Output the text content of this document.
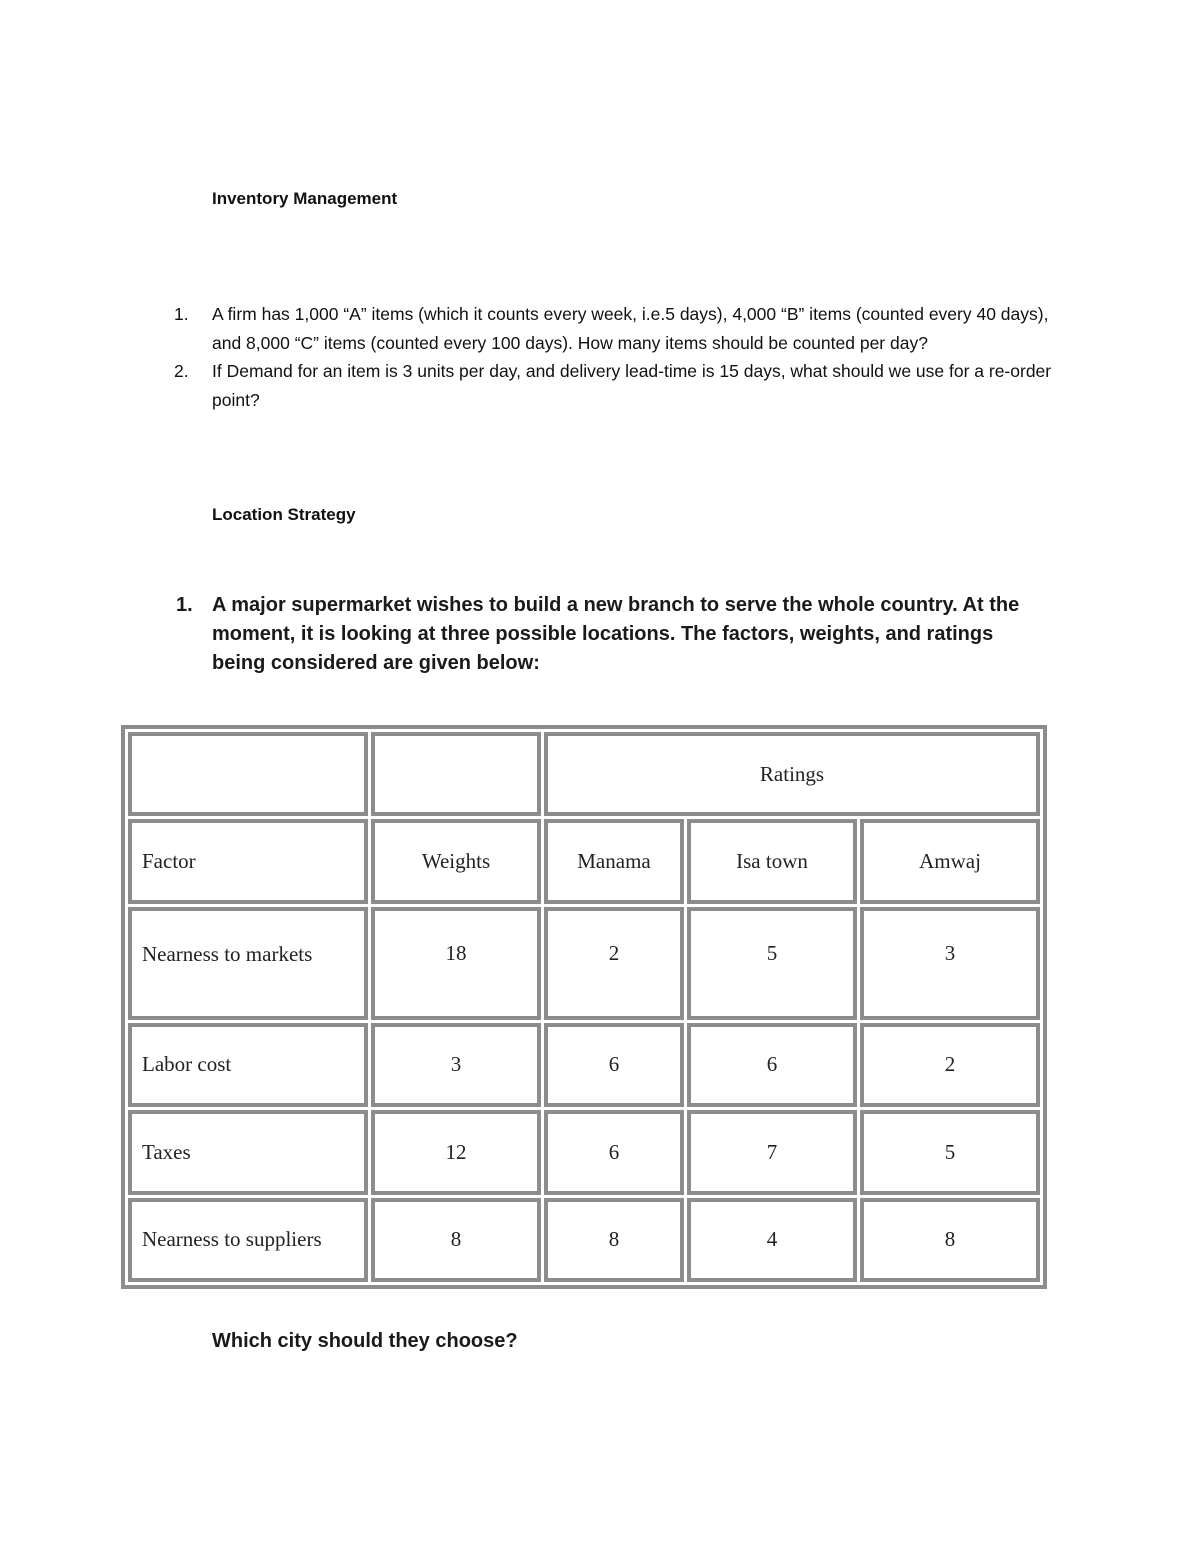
Inventory Management
1. A firm has 1,000 “A” items (which it counts every week, i.e.5 days), 4,000 “B” items (counted every 40 days), and 8,000 “C” items (counted every 100 days). How many items should be counted per day?
2. If Demand for an item is 3 units per day, and delivery lead-time is 15 days, what should we use for a re-order point?
Location Strategy
1. A major supermarket wishes to build a new branch to serve the whole country. At the moment, it is looking at three possible locations. The factors, weights, and ratings being considered are given below:
		Ratings		
Factor	Weights	Manama	Isa town	Amwaj

Nearness to markets	18	2	5	3
Labor cost	3	6	6	2
Taxes	12	6	7	5
Nearness to suppliers	8	8	4	8

Which city should they choose?
